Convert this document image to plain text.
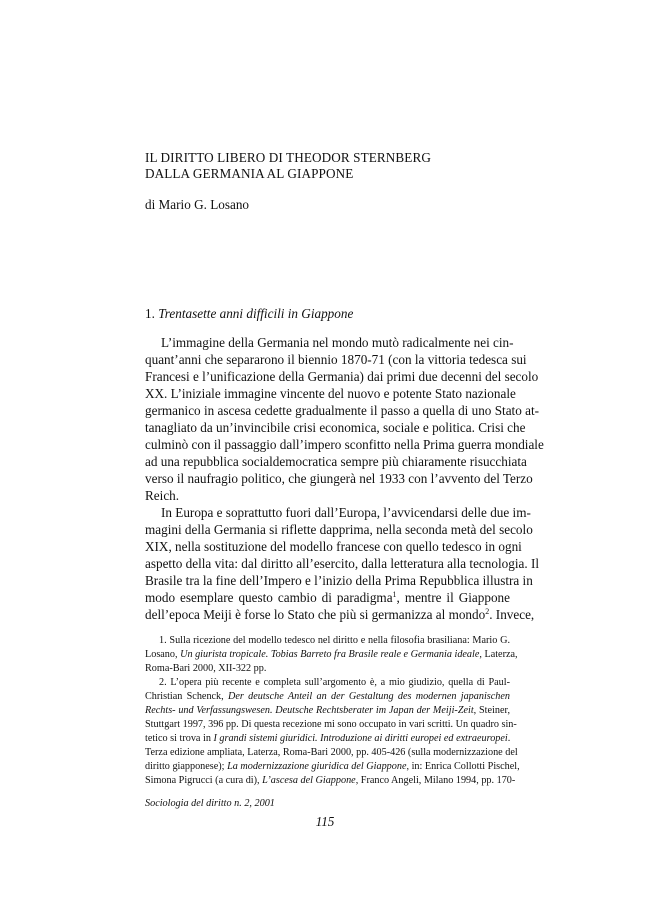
IL DIRITTO LIBERO DI THEODOR STERNBERG
DALLA GERMANIA AL GIAPPONE
di Mario G. Losano
1. Trentasette anni difficili in Giappone
L’immagine della Germania nel mondo mutò radicalmente nei cin-
quant’anni che separarono il biennio 1870-71 (con la vittoria tedesca sui
Francesi e l’unificazione della Germania) dai primi due decenni del secolo
XX. L’iniziale immagine vincente del nuovo e potente Stato nazionale
germanico in ascesa cedette gradualmente il passo a quella di uno Stato at-
tanagliato da un’invincibile crisi economica, sociale e politica. Crisi che
culminò con il passaggio dall’impero sconfitto nella Prima guerra mondiale
ad una repubblica socialdemocratica sempre più chiaramente risucchiata
verso il naufragio politico, che giungerà nel 1933 con l’avvento del Terzo
Reich.
In Europa e soprattutto fuori dall’Europa, l’avvicendarsi delle due im-
magini della Germania si riflette dapprima, nella seconda metà del secolo
XIX, nella sostituzione del modello francese con quello tedesco in ogni
aspetto della vita: dal diritto all’esercito, dalla letteratura alla tecnologia. Il
Brasile tra la fine dell’Impero e l’inizio della Prima Repubblica illustra in
modo esemplare questo cambio di paradigma$^1$, mentre il Giappone
dell’epoca Meiji è forse lo Stato che più si germanizza al mondo$^2$. Invece,
1. Sulla ricezione del modello tedesco nel diritto e nella filosofia brasiliana: Mario G.
Losano, Un giurista tropicale. Tobias Barreto fra Brasile reale e Germania ideale, Laterza,
Roma-Bari 2000, XII-322 pp.
2. L’opera più recente e completa sull’argomento è, a mio giudizio, quella di Paul-
Christian Schenck, Der deutsche Anteil an der Gestaltung des modernen japanischen
Rechts- und Verfassungswesen. Deutsche Rechtsberater im Japan der Meiji-Zeit, Steiner,
Stuttgart 1997, 396 pp. Di questa recezione mi sono occupato in vari scritti. Un quadro sin-
tetico si trova in I grandi sistemi giuridici. Introduzione ai diritti europei ed extraeuropei.
Terza edizione ampliata, Laterza, Roma-Bari 2000, pp. 405-426 (sulla modernizzazione del
diritto giapponese); La modernizzazione giuridica del Giappone, in: Enrica Collotti Pischel,
Simona Pigrucci (a cura di), L’ascesa del Giappone, Franco Angeli, Milano 1994, pp. 170-
Sociologia del diritto n. 2, 2001
115
